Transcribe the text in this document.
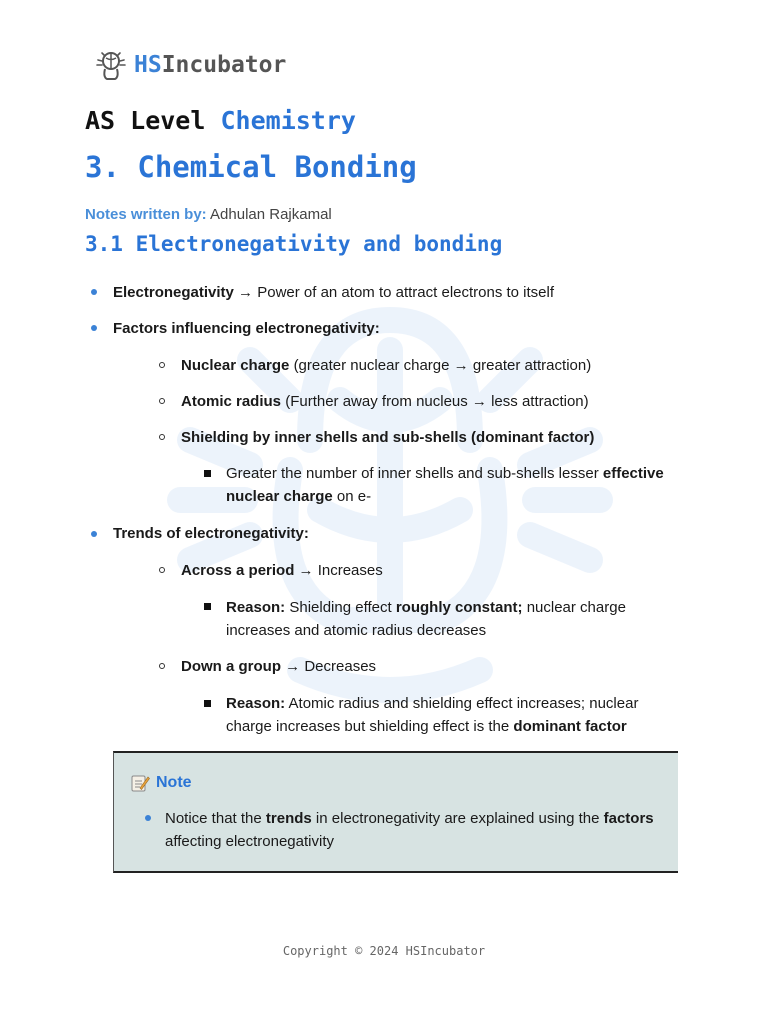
HSIncubator
AS Level Chemistry
3. Chemical Bonding
Notes written by: Adhulan Rajkamal
3.1 Electronegativity and bonding
Electronegativity → Power of an atom to attract electrons to itself
Factors influencing electronegativity:
Nuclear charge (greater nuclear charge → greater attraction)
Atomic radius (Further away from nucleus → less attraction)
Shielding by inner shells and sub-shells (dominant factor)
Greater the number of inner shells and sub-shells lesser effective
nuclear charge on e-
Trends of electronegativity:
Across a period → Increases
Reason: Shielding effect roughly constant; nuclear charge
increases and atomic radius decreases
Down a group → Decreases
Reason: Atomic radius and shielding effect increases; nuclear
charge increases but shielding effect is the dominant factor
Note
Notice that the trends in electronegativity are explained using the factors
affecting electronegativity
Copyright © 2024 HSIncubator
